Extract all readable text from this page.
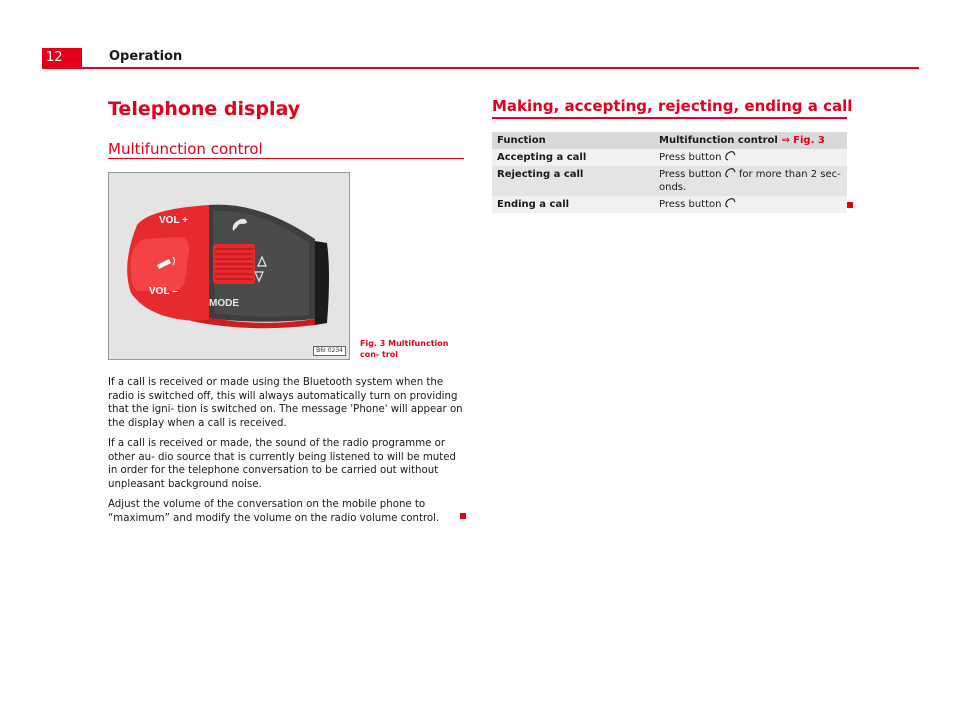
12	Operation
Telephone display
Multifunction control
VOL +
VOL –
MODE
B6I 0234
Fig. 3 Multifunction con- trol

If a call is received or made using the Bluetooth system when the radio is switched off, this will always automatically turn on providing that the igni- tion is switched on. The message 'Phone' will appear on the display when a call is received.

If a call is received or made, the sound of the radio programme or other au- dio source that is currently being listened to will be muted in order for the telephone conversation to be carried out without unpleasant background noise.

Adjust the volume of the conversation on the mobile phone to “maximum” and modify the volume on the radio volume control.

Making, accepting, rejecting, ending a call
Function	Multifunction control ⇒ Fig. 3
Accepting a call	Press button
Rejecting a call	Press button  for more than 2 sec- onds.
Ending a call	Press button
